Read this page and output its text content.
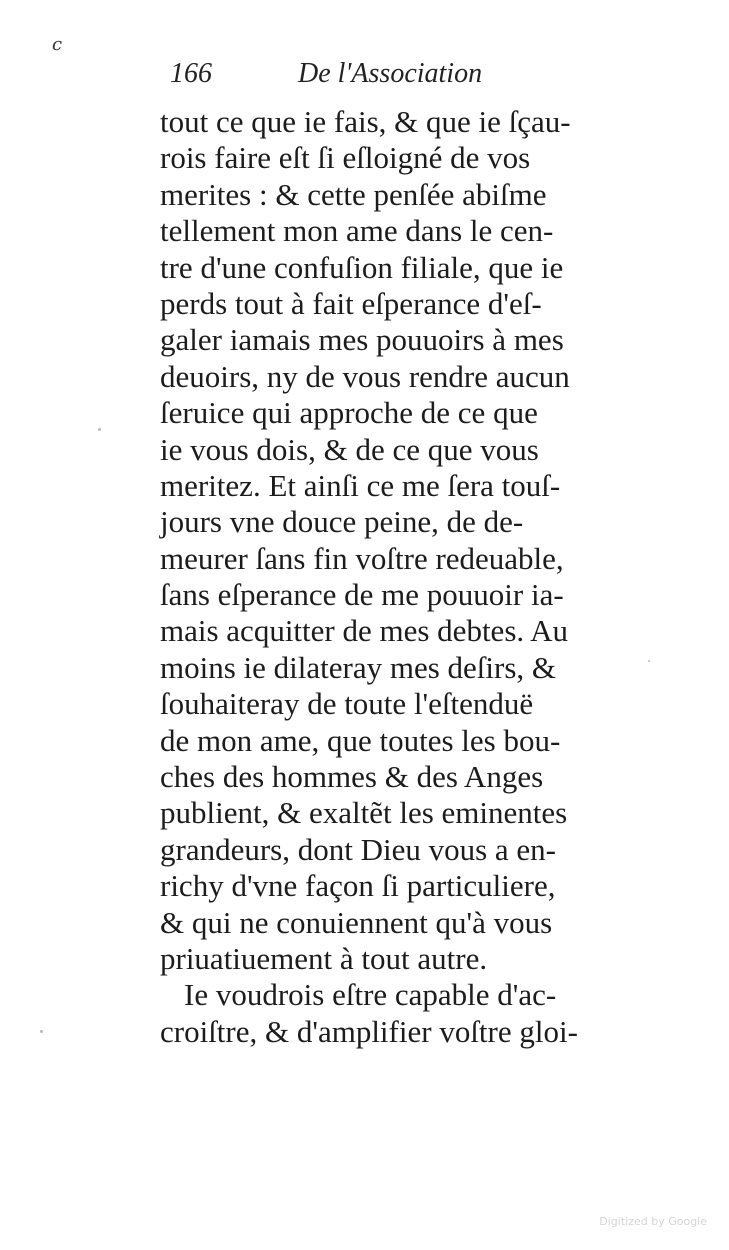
c
166	De l'Association
tout ce que ie fais, & que ie ſçau-
rois faire eſt ſi eſloigné de vos
merites : & cette penſée abiſme
tellement mon ame dans le cen-
tre d'une confuſion filiale, que ie
perds tout à fait eſperance d'eſ-
galer iamais mes pouuoirs à mes
deuoirs, ny de vous rendre aucun
ſeruice qui approche de ce que
ie vous dois, & de ce que vous
meritez. Et ainſi ce me ſera touſ-
jours vne douce peine, de de-
meurer ſans fin voſtre redeuable,
ſans eſperance de me pouuoir ia-
mais acquitter de mes debtes. Au
moins ie dilateray mes deſirs, &
ſouhaiteray de toute l'eſtenduë
de mon ame, que toutes les bou-
ches des hommes & des Anges
publient, & exaltẽt les eminentes
grandeurs, dont Dieu vous a en-
richy d'vne façon ſi particuliere,
& qui ne conuiennent qu'à vous
priuatiuement à tout autre.
Ie voudrois eſtre capable d'ac-
croiſtre, & d'amplifier voſtre gloi-
Digitized by Google
